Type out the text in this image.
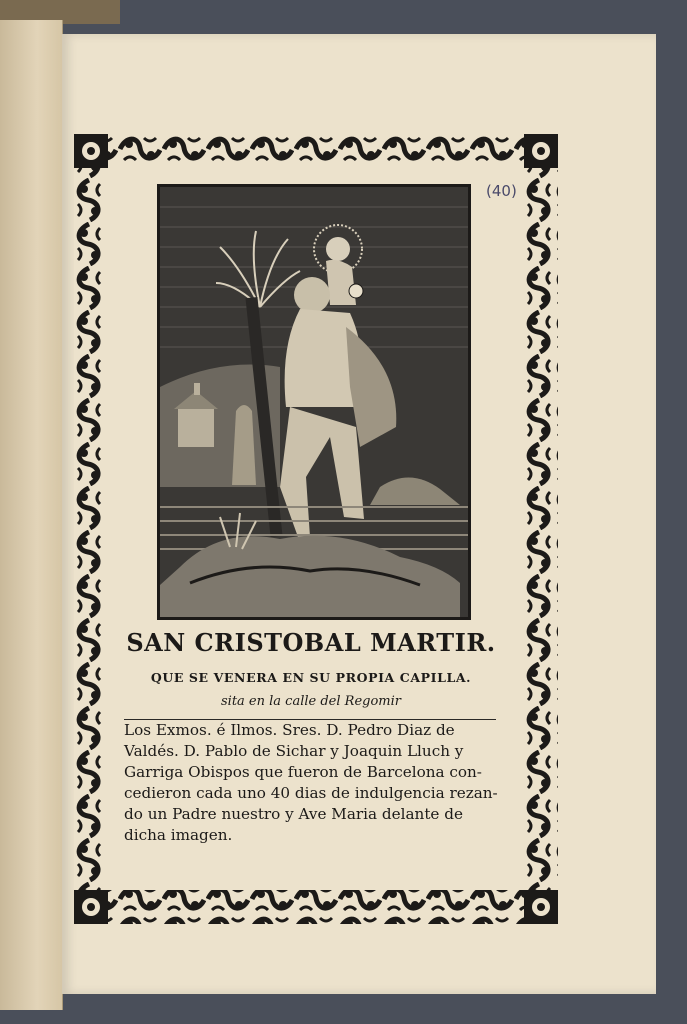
(40)
SAN CRISTOBAL MARTIR.
QUE SE VENERA EN SU PROPIA CAPILLA.
sita en la calle del Regomir
Los Exmos. é Ilmos. Sres. D. Pedro Diaz de
Valdés. D. Pablo de Sichar y Joaquin Lluch y
Garriga Obispos que fueron de Barcelona con-
cedieron cada uno 40 dias de indulgencia rezan-
do un Padre nuestro y Ave Maria delante de
dicha imagen.
